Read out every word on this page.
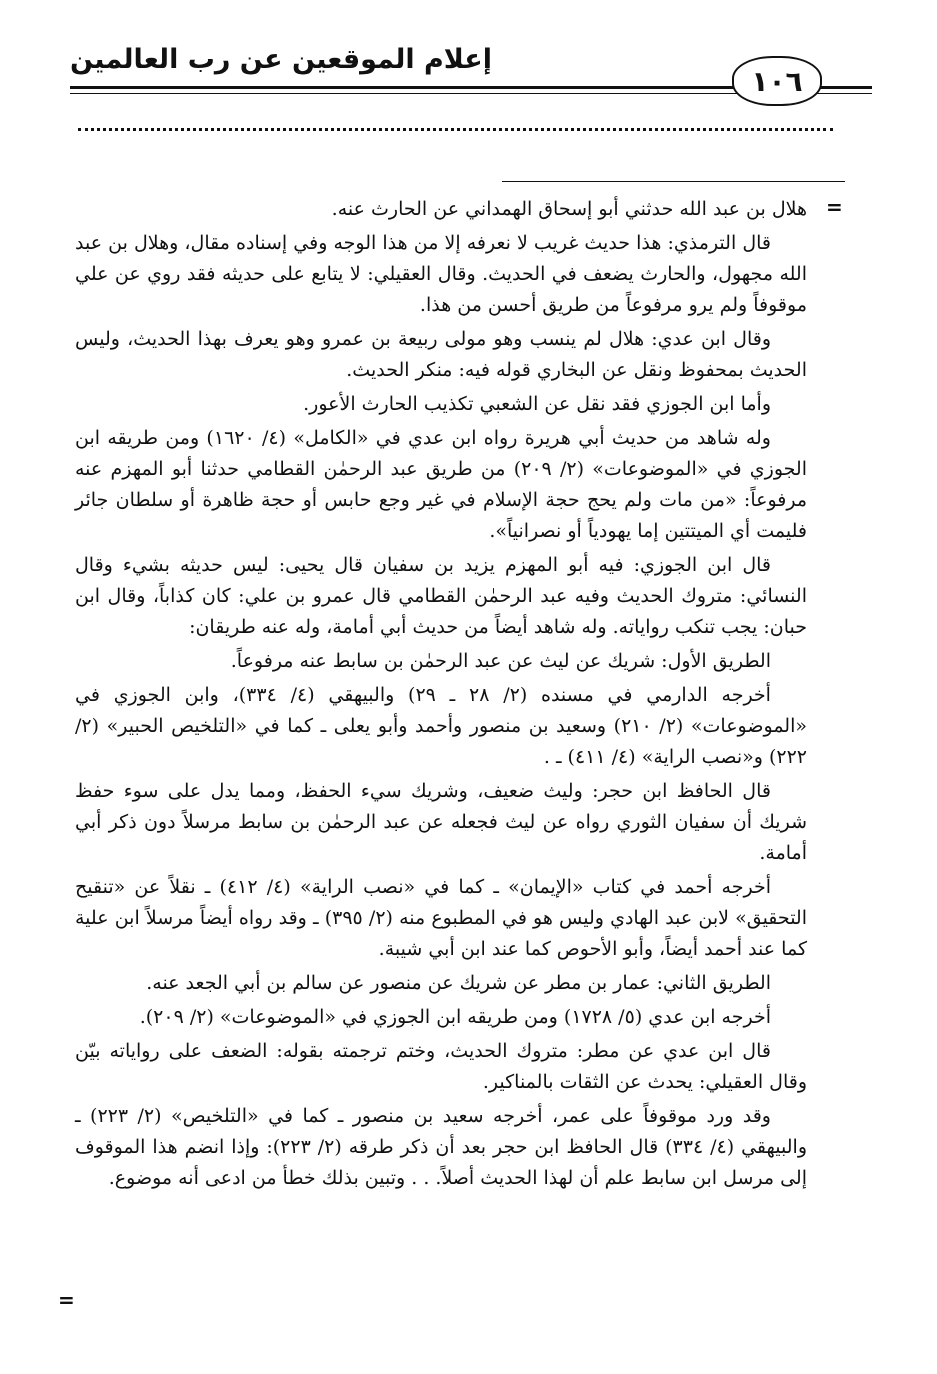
إعلام الموقعين عن رب العالمين
١٠٦
=
=

هلال بن عبد الله حدثني أبو إسحاق الهمداني عن الحارث عنه.

قال الترمذي: هذا حديث غريب لا نعرفه إلا من هذا الوجه وفي إسناده مقال، وهلال بن عبد الله مجهول، والحارث يضعف في الحديث. وقال العقيلي: لا يتابع على حديثه فقد روي عن علي موقوفاً ولم يرو مرفوعاً من طريق أحسن من هذا.

وقال ابن عدي: هلال لم ينسب وهو مولى ربيعة بن عمرو وهو يعرف بهذا الحديث، وليس الحديث بمحفوظ ونقل عن البخاري قوله فيه: منكر الحديث.

وأما ابن الجوزي فقد نقل عن الشعبي تكذيب الحارث الأعور.

وله شاهد من حديث أبي هريرة رواه ابن عدي في «الكامل» (٤/ ١٦٢٠) ومن طريقه ابن الجوزي في «الموضوعات» (٢/ ٢٠٩) من طريق عبد الرحمٰن القطامي حدثنا أبو المهزم عنه مرفوعاً: «من مات ولم يحج حجة الإسلام في غير وجع حابس أو حجة ظاهرة أو سلطان جائر فليمت أي الميتتين إما يهودياً أو نصرانياً».

قال ابن الجوزي: فيه أبو المهزم يزيد بن سفيان قال يحيى: ليس حديثه بشيء وقال النسائي: متروك الحديث وفيه عبد الرحمٰن القطامي قال عمرو بن علي: كان كذاباً، وقال ابن حبان: يجب تنكب رواياته. وله شاهد أيضاً من حديث أبي أمامة، وله عنه طريقان:

الطريق الأول: شريك عن ليث عن عبد الرحمٰن بن سابط عنه مرفوعاً.

أخرجه الدارمي في مسنده (٢/ ٢٨ ـ ٢٩) والبيهقي (٤/ ٣٣٤)، وابن الجوزي في «الموضوعات» (٢/ ٢١٠) وسعيد بن منصور وأحمد وأبو يعلى ـ كما في «التلخيص الحبير» (٢/ ٢٢٢) و«نصب الراية» (٤/ ٤١١) ـ .

قال الحافظ ابن حجر: وليث ضعيف، وشريك سيء الحفظ، ومما يدل على سوء حفظ شريك أن سفيان الثوري رواه عن ليث فجعله عن عبد الرحمٰن بن سابط مرسلاً دون ذكر أبي أمامة.

أخرجه أحمد في كتاب «الإيمان» ـ كما في «نصب الراية» (٤/ ٤١٢) ـ نقلاً عن «تنقيح التحقيق» لابن عبد الهادي وليس هو في المطبوع منه (٢/ ٣٩٥) ـ وقد رواه أيضاً مرسلاً ابن علية كما عند أحمد أيضاً، وأبو الأحوص كما عند ابن أبي شيبة.

الطريق الثاني: عمار بن مطر عن شريك عن منصور عن سالم بن أبي الجعد عنه.

أخرجه ابن عدي (٥/ ١٧٢٨) ومن طريقه ابن الجوزي في «الموضوعات» (٢/ ٢٠٩).

قال ابن عدي عن مطر: متروك الحديث، وختم ترجمته بقوله: الضعف على رواياته بيّن وقال العقيلي: يحدث عن الثقات بالمناكير.

وقد ورد موقوفاً على عمر، أخرجه سعيد بن منصور ـ كما في «التلخيص» (٢/ ٢٢٣) ـ والبيهقي (٤/ ٣٣٤) قال الحافظ ابن حجر بعد أن ذكر طرقه (٢/ ٢٢٣): وإذا انضم هذا الموقوف إلى مرسل ابن سابط علم أن لهذا الحديث أصلاً. . . وتبين بذلك خطأ من ادعى أنه موضوع.
